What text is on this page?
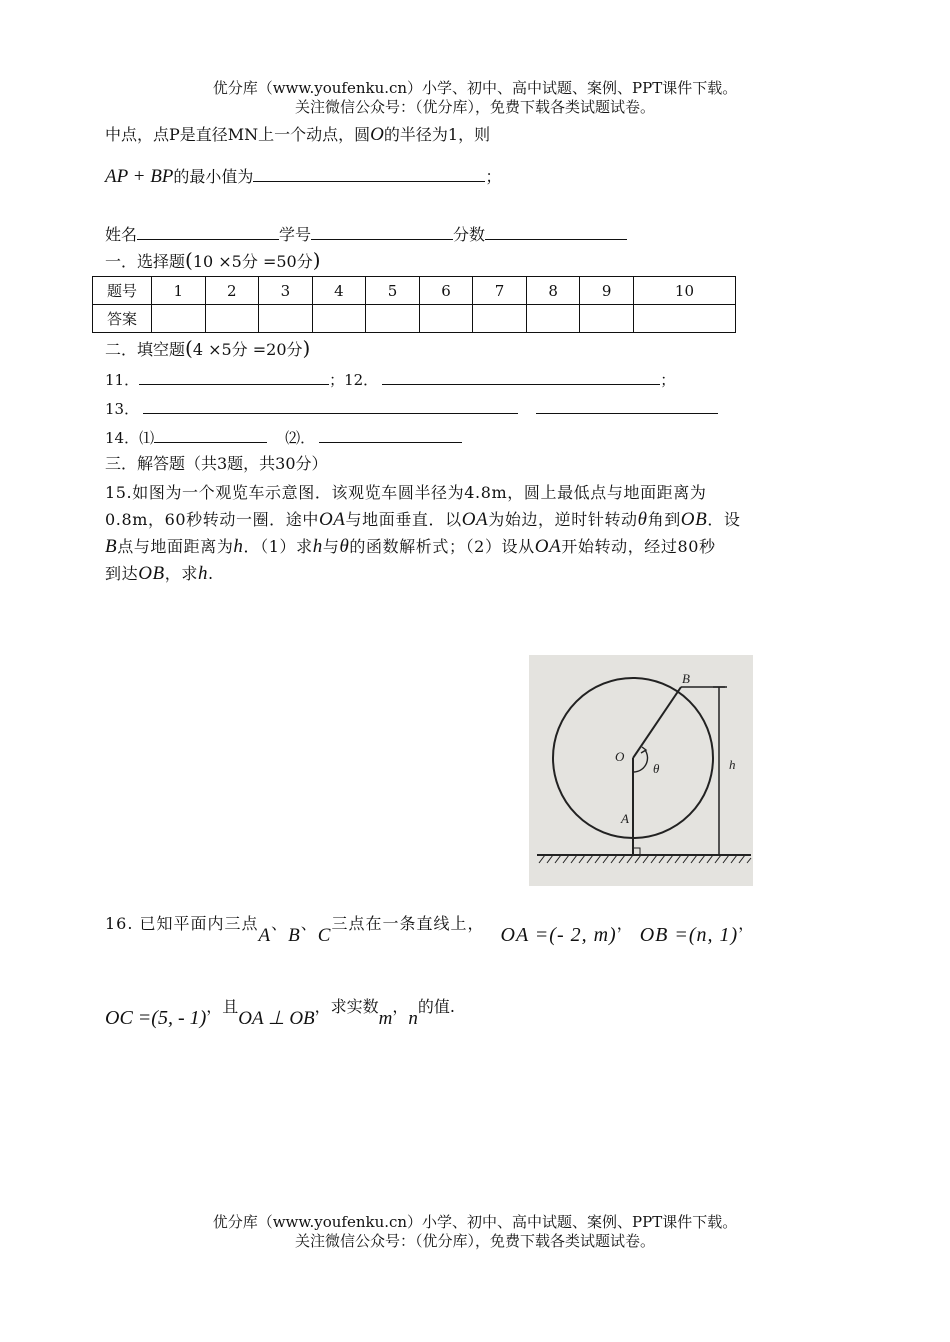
优分库（www.youfenku.cn）小学、初中、高中试题、案例、PPT课件下载。
关注微信公众号：（优分库），免费下载各类试题试卷。
中点，点P是直径MN上一个动点，圆O的半径为1，则
AP + BP的最小值为	；
姓名	学号	分数
一．选择题(10 ×5分 =50分)
题号	1	2	3	4	5	6	7	8	9	10
答案										
二．填空题(4 ×5分 =20分)
11．	；12．	；
13．
14．⑴	⑵．
三．解答题（共3题，共30分）
15.如图为一个观览车示意图．该观览车圆半径为4.8m，圆上最低点与地面距离为
0.8m，60秒转动一圈．途中OA与地面垂直．以OA为始边，逆时针转动θ角到OB．设
B点与地面距离为h．（1）求h与θ的函数解析式；（2）设从OA开始转动，经过80秒
到达OB，求h.
B
O
θ	h
A
16. 已知平面内三点A、B、C三点在一条直线上，OA =(- 2, m)，OB =(n, 1)，
OC =(5, - 1)，且OA ⊥ OB，求实数m，n的值.
优分库（www.youfenku.cn）小学、初中、高中试题、案例、PPT课件下载。
关注微信公众号：（优分库），免费下载各类试题试卷。
